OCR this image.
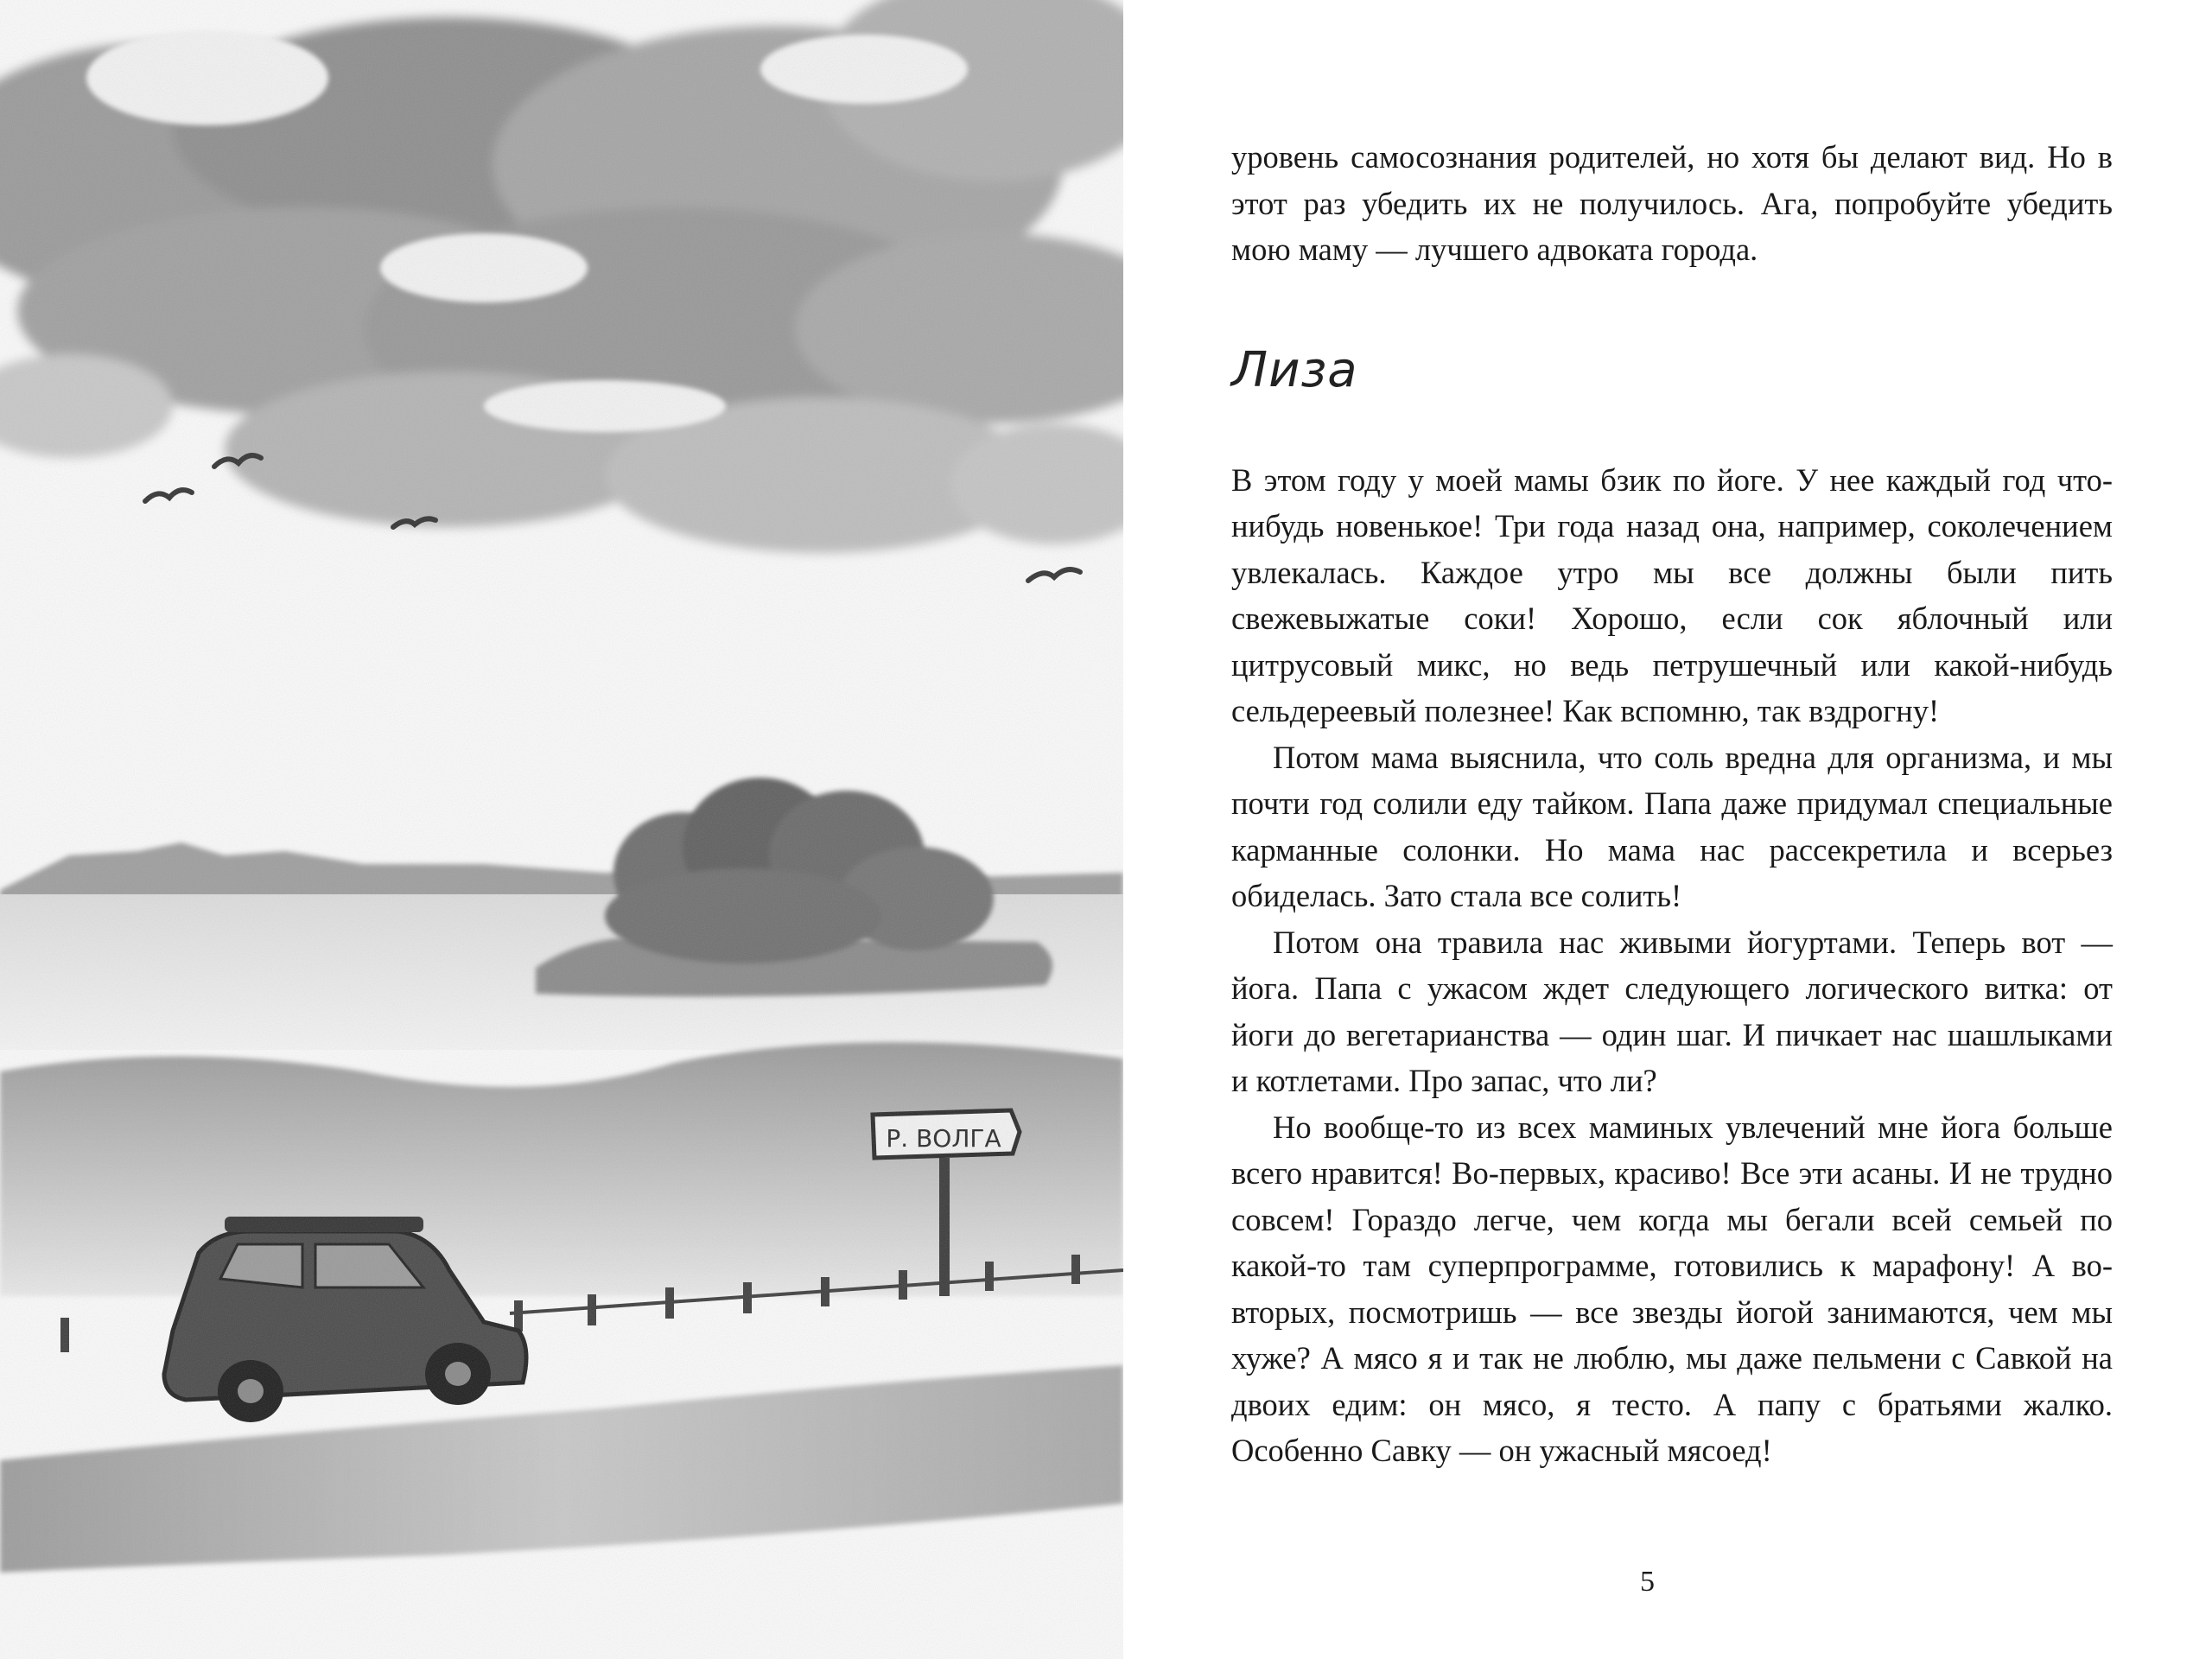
уровень самосознания родителей, но хотя бы делают вид. Но в этот раз убедить их не получилось. Ага, попробуйте убедить мою маму — лучшего адвоката города.

Лиза

В этом году у моей мамы бзик по йоге. У нее каждый год что-нибудь новенькое! Три года назад она, например, соколечением увлекалась. Каждое утро мы все должны были пить свежевыжатые соки! Хорошо, если сок яблочный или цитрусовый микс, но ведь петрушечный или какой-нибудь сельдереевый полезнее! Как вспомню, так вздрогну!

Потом мама выяснила, что соль вредна для организма, и мы почти год солили еду тайком. Папа даже придумал специальные карманные солонки. Но мама нас рассекретила и всерьез обиделась. Зато стала все солить!

Потом она травила нас живыми йогуртами. Теперь вот — йога. Папа с ужасом ждет следующего логического витка: от йоги до вегетарианства — один шаг. И пичкает нас шашлыками и котлетами. Про запас, что ли?

Но вообще-то из всех маминых увлечений мне йога больше всего нравится! Во-первых, красиво! Все эти асаны. И не трудно совсем! Гораздо легче, чем когда мы бегали всей семьей по какой-то там суперпрограмме, готовились к марафону! А во-вторых, посмотришь — все звезды йогой занимаются, чем мы хуже? А мясо я и так не люблю, мы даже пельмени с Савкой на двоих едим: он мясо, я тесто. А папу с братьями жалко. Особенно Савку — он ужасный мясоед!

5
